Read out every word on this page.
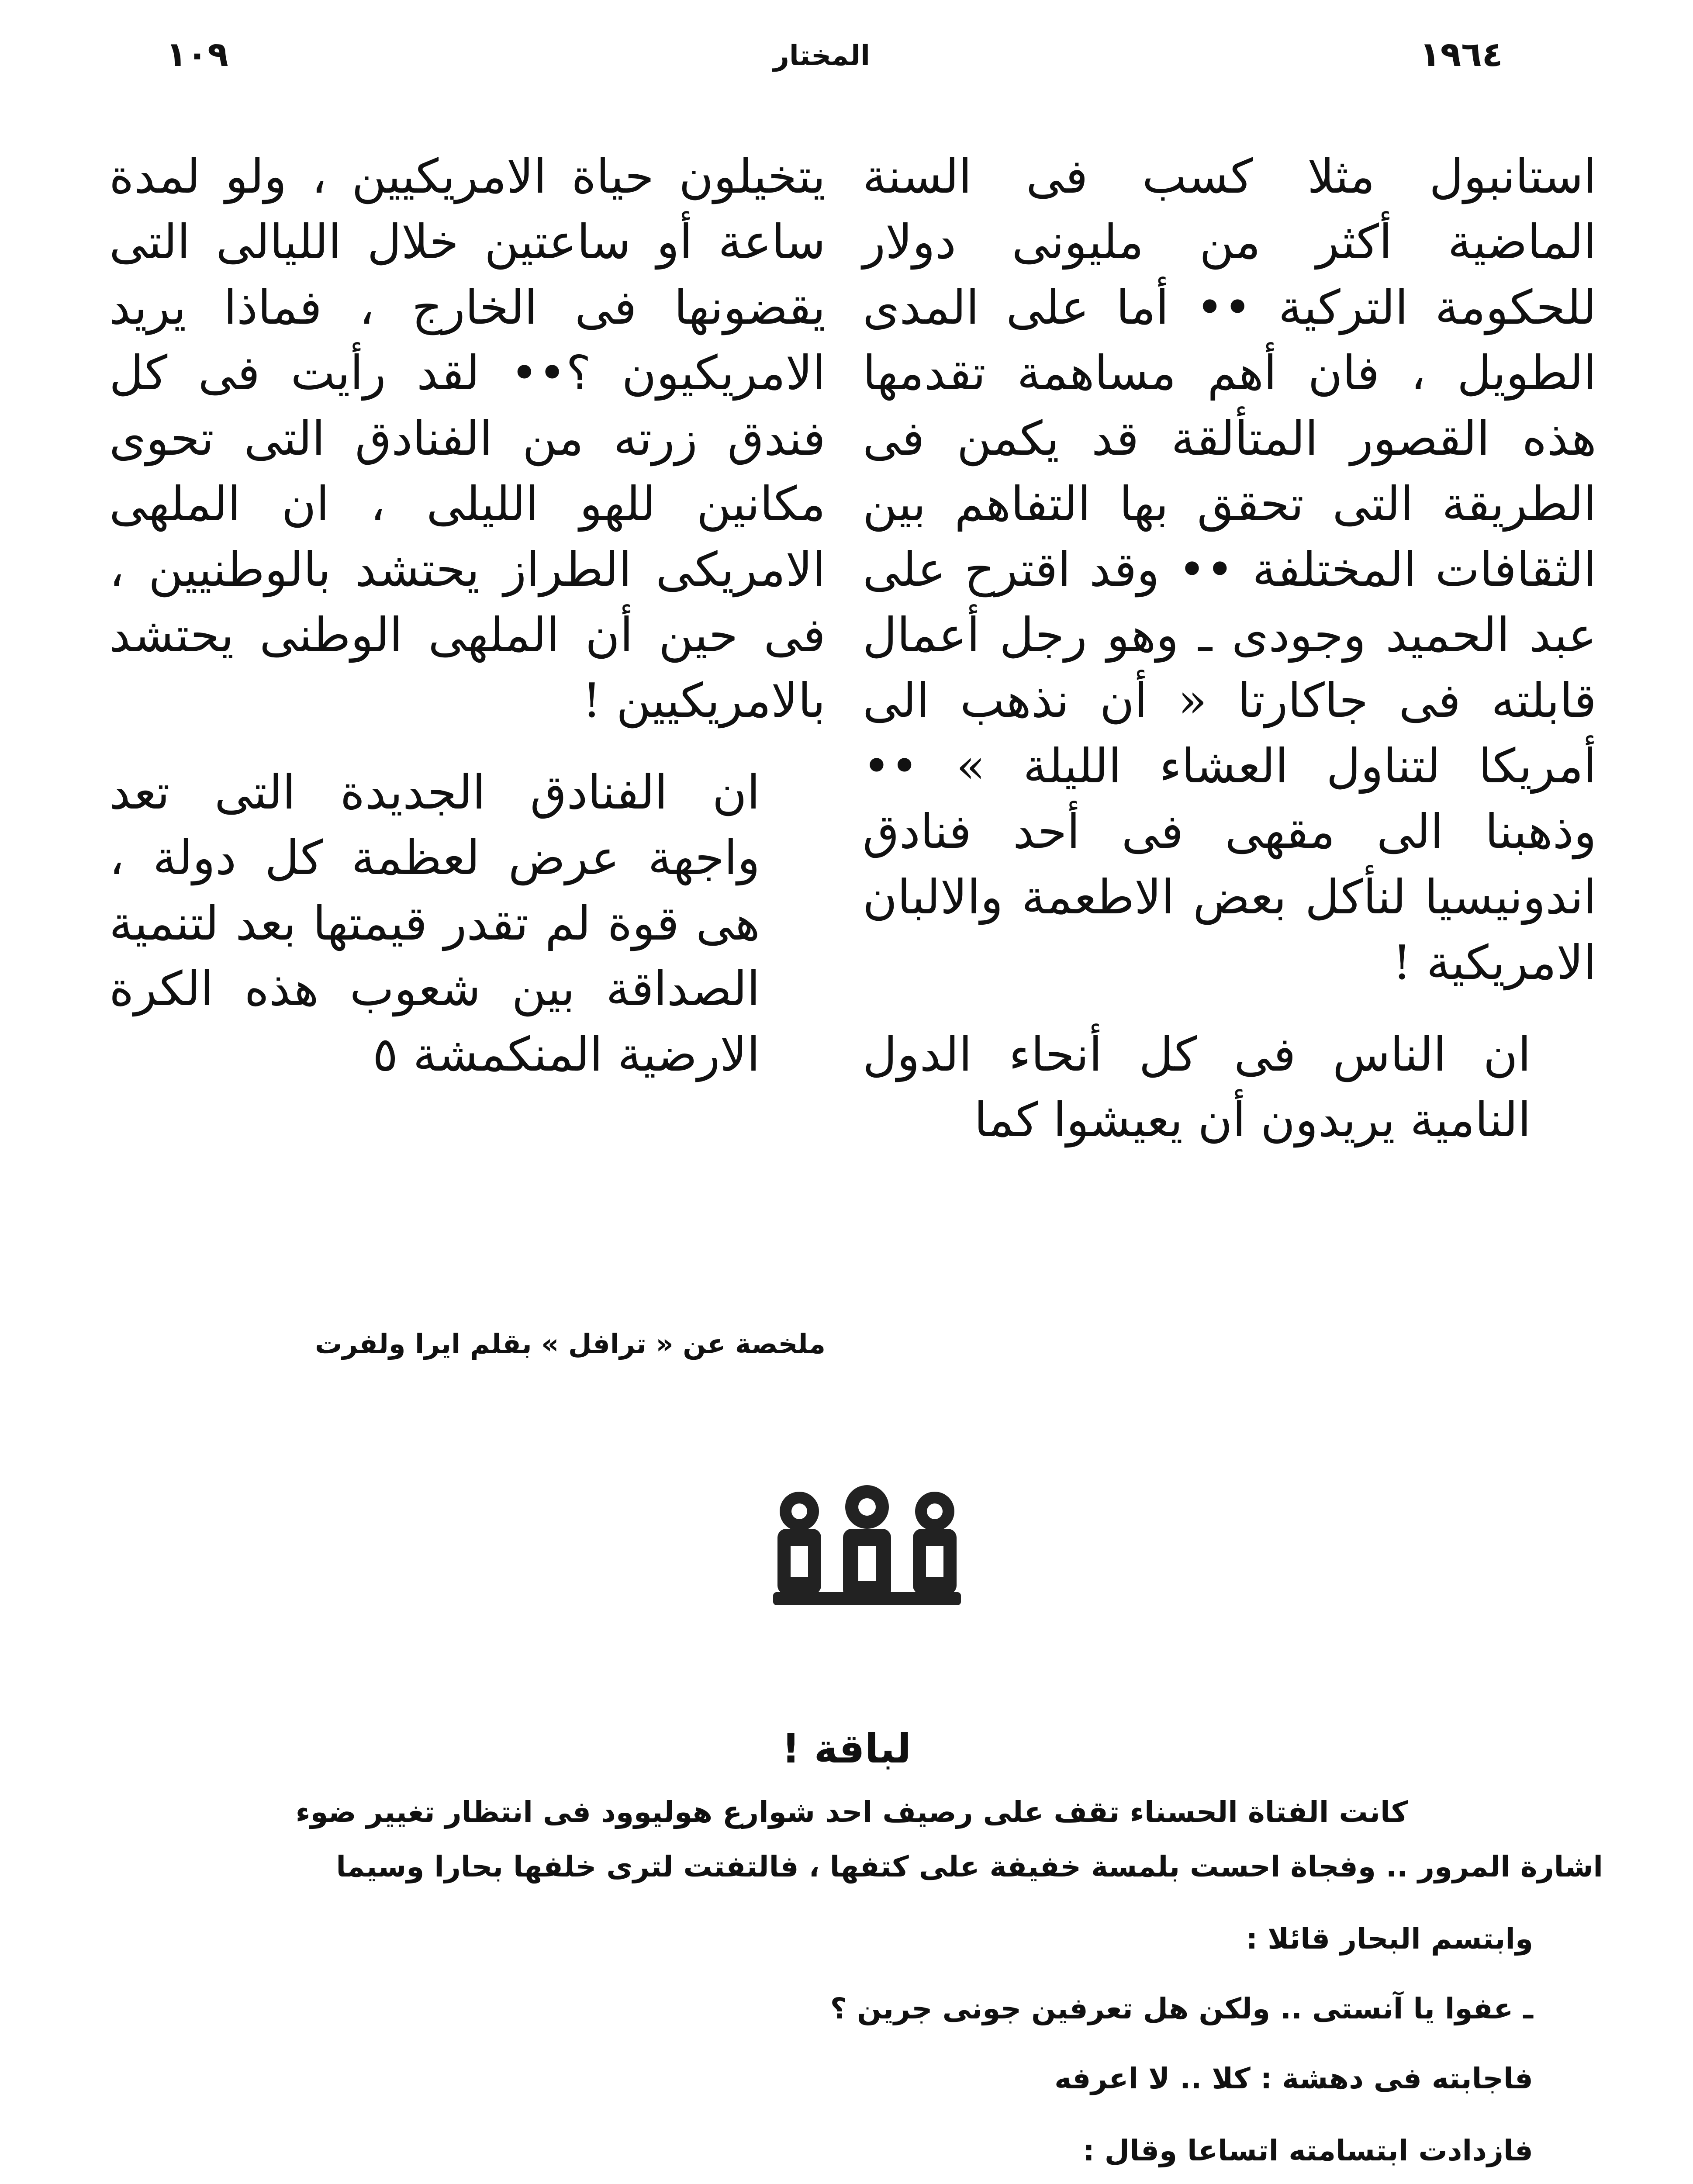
١٩٦٤
المختار
١٠٩

استانبول مثلا كسب فى السنة الماضية أكثر من مليونى دولار للحكومة التركية •• أما على المدى الطويل ، فان أهم مساهمة تقدمها هذه القصور المتألقة قد يكمن فى الطريقة التى تحقق بها التفاهم بين الثقافات المختلفة •• وقد اقترح على عبد الحميد وجودى ـ وهو رجل أعمال قابلته فى جاكارتا « أن نذهب الى أمريكا لتناول العشاء الليلة » •• وذهبنا الى مقهى فى أحد فنادق اندونيسيا لنأكل بعض الاطعمة والالبان الامريكية !

ان الناس فى كل أنحاء الدول النامية يريدون أن يعيشوا كما

يتخيلون حياة الامريكيين ، ولو لمدة ساعة أو ساعتين خلال الليالى التى يقضونها فى الخارج ، فماذا يريد الامريكيون ؟•• لقد رأيت فى كل فندق زرته من الفنادق التى تحوى مكانين للهو الليلى ، ان الملهى الامريكى الطراز يحتشد بالوطنيين ، فى حين أن الملهى الوطنى يحتشد بالامريكيين !

ان الفنادق الجديدة التى تعد واجهة عرض لعظمة كل دولة ، هى قوة لم تقدر قيمتها بعد لتنمية الصداقة بين شعوب هذه الكرة الارضية المنكمشة ٥

ملخصة عن « ترافل » بقلم ايرا ولفرت
لباقة !
كانت الفتاة الحسناء تقف على رصيف احد شوارع هوليوود فى انتظار تغيير ضوء
اشارة المرور .. وفجاة احست بلمسة خفيفة على كتفها ، فالتفتت لترى خلفها بحارا وسيما
وابتسم البحار قائلا :
ـ عفوا يا آنستى .. ولكن هل تعرفين جونى جرين ؟
فاجابته فى دهشة : كلا .. لا اعرفه
فازدادت ابتسامته اتساعا وقال :
